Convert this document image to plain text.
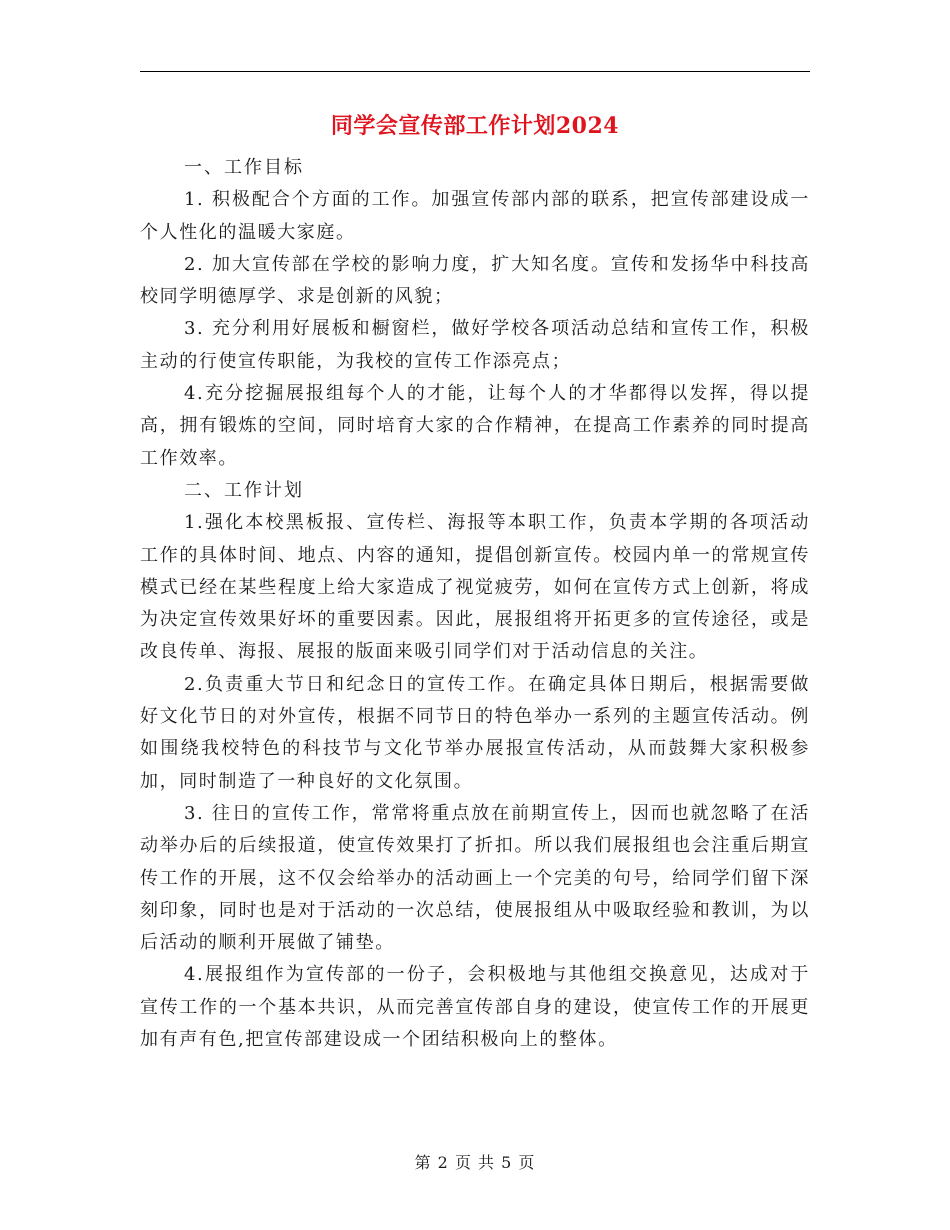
同学会宣传部工作计划2024

一、工作目标

1. 积极配合个方面的工作。加强宣传部内部的联系，把宣传部建设成一个人性化的温暖大家庭。

2. 加大宣传部在学校的影响力度，扩大知名度。宣传和发扬华中科技高校同学明德厚学、求是创新的风貌；

3. 充分利用好展板和橱窗栏，做好学校各项活动总结和宣传工作，积极主动的行使宣传职能，为我校的宣传工作添亮点；

4.充分挖掘展报组每个人的才能，让每个人的才华都得以发挥，得以提高，拥有锻炼的空间，同时培育大家的合作精神，在提高工作素养的同时提高工作效率。

二、工作计划

1.强化本校黑板报、宣传栏、海报等本职工作，负责本学期的各项活动工作的具体时间、地点、内容的通知，提倡创新宣传。校园内单一的常规宣传模式已经在某些程度上给大家造成了视觉疲劳，如何在宣传方式上创新，将成为决定宣传效果好坏的重要因素。因此，展报组将开拓更多的宣传途径，或是改良传单、海报、展报的版面来吸引同学们对于活动信息的关注。

2.负责重大节日和纪念日的宣传工作。在确定具体日期后，根据需要做好文化节日的对外宣传，根据不同节日的特色举办一系列的主题宣传活动。例如围绕我校特色的科技节与文化节举办展报宣传活动，从而鼓舞大家积极参加，同时制造了一种良好的文化氛围。

3. 往日的宣传工作，常常将重点放在前期宣传上，因而也就忽略了在活动举办后的后续报道，使宣传效果打了折扣。所以我们展报组也会注重后期宣传工作的开展，这不仅会给举办的活动画上一个完美的句号，给同学们留下深刻印象，同时也是对于活动的一次总结，使展报组从中吸取经验和教训，为以后活动的顺利开展做了铺垫。

4.展报组作为宣传部的一份子，会积极地与其他组交换意见，达成对于宣传工作的一个基本共识，从而完善宣传部自身的建设，使宣传工作的开展更加有声有色,把宣传部建设成一个团结积极向上的整体。

第 2 页 共 5 页
